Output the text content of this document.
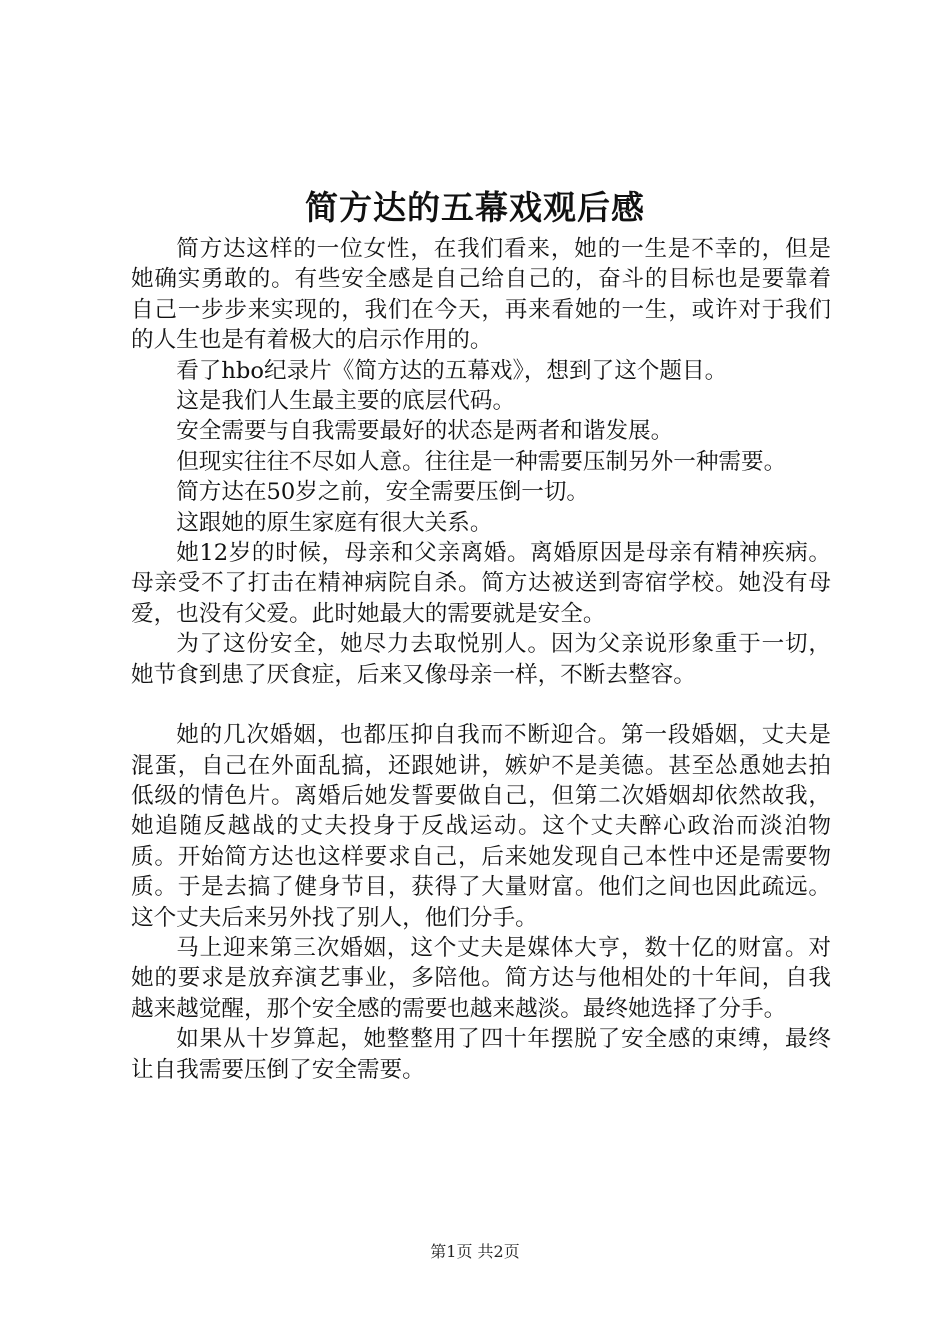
简方达的五幕戏观后感

简方达这样的一位女性，在我们看来，她的一生是不幸的，但是她确实勇敢的。有些安全感是自己给自己的，奋斗的目标也是要靠着自己一步步来实现的，我们在今天，再来看她的一生，或许对于我们的人生也是有着极大的启示作用的。

看了hbo纪录片《简方达的五幕戏》，想到了这个题目。

这是我们人生最主要的底层代码。

安全需要与自我需要最好的状态是两者和谐发展。

但现实往往不尽如人意。往往是一种需要压制另外一种需要。

简方达在50岁之前，安全需要压倒一切。

这跟她的原生家庭有很大关系。

她12岁的时候，母亲和父亲离婚。离婚原因是母亲有精神疾病。母亲受不了打击在精神病院自杀。简方达被送到寄宿学校。她没有母爱，也没有父爱。此时她最大的需要就是安全。

为了这份安全，她尽力去取悦别人。因为父亲说形象重于一切，她节食到患了厌食症，后来又像母亲一样，不断去整容。

她的几次婚姻，也都压抑自我而不断迎合。第一段婚姻，丈夫是混蛋，自己在外面乱搞，还跟她讲，嫉妒不是美德。甚至怂恿她去拍低级的情色片。离婚后她发誓要做自己，但第二次婚姻却依然故我，她追随反越战的丈夫投身于反战运动。这个丈夫醉心政治而淡泊物质。开始简方达也这样要求自己，后来她发现自己本性中还是需要物质。于是去搞了健身节目，获得了大量财富。他们之间也因此疏远。这个丈夫后来另外找了别人，他们分手。

马上迎来第三次婚姻，这个丈夫是媒体大亨，数十亿的财富。对她的要求是放弃演艺事业，多陪他。简方达与他相处的十年间，自我越来越觉醒，那个安全感的需要也越来越淡。最终她选择了分手。

如果从十岁算起，她整整用了四十年摆脱了安全感的束缚，最终让自我需要压倒了安全需要。

第1页 共2页
